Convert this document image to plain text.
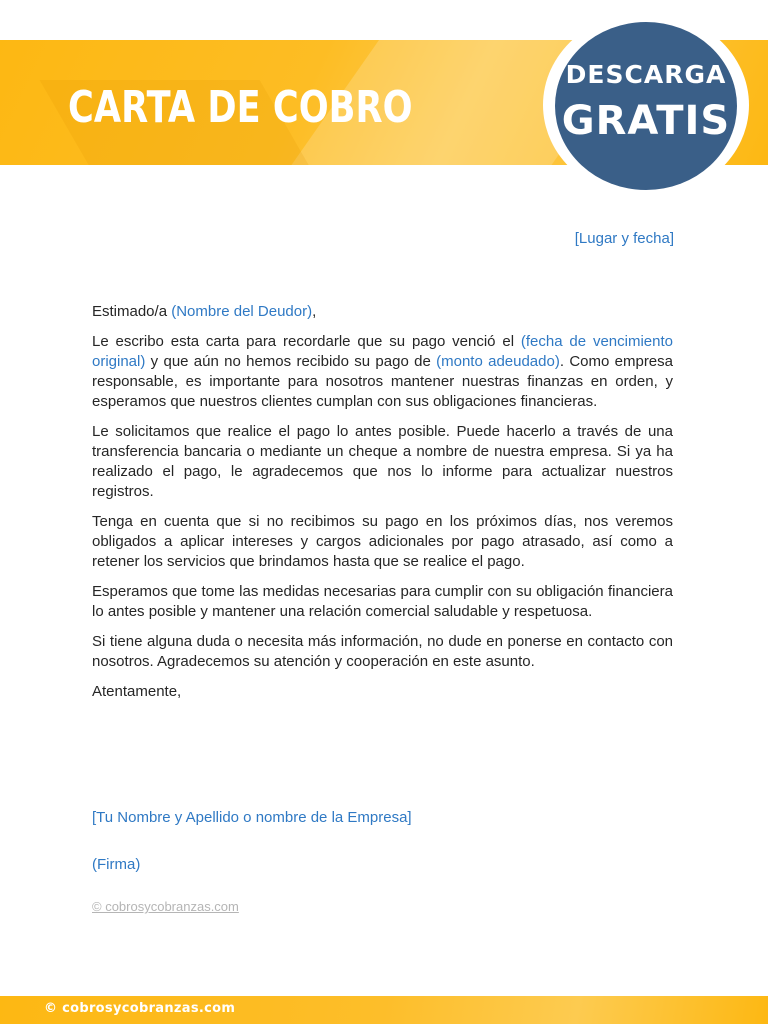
CARTA DE COBRO
DESCARGA
GRATIS
[Lugar y fecha]

Estimado/a (Nombre del Deudor),

Le escribo esta carta para recordarle que su pago venció el (fecha de vencimiento original) y que aún no hemos recibido su pago de (monto adeudado). Como empresa responsable, es importante para nosotros mantener nuestras finanzas en orden, y esperamos que nuestros clientes cumplan con sus obligaciones financieras.

Le solicitamos que realice el pago lo antes posible. Puede hacerlo a través de una transferencia bancaria o mediante un cheque a nombre de nuestra empresa. Si ya ha realizado el pago, le agradecemos que nos lo informe para actualizar nuestros registros.

Tenga en cuenta que si no recibimos su pago en los próximos días, nos veremos obligados a aplicar intereses y cargos adicionales por pago atrasado, así como a retener los servicios que brindamos hasta que se realice el pago.

Esperamos que tome las medidas necesarias para cumplir con su obligación financiera lo antes posible y mantener una relación comercial saludable y respetuosa.

Si tiene alguna duda o necesita más información, no dude en ponerse en contacto con nosotros. Agradecemos su atención y cooperación en este asunto.

Atentamente,

[Tu Nombre y Apellido o nombre de la Empresa]
(Firma)
© cobrosycobranzas.com
© cobrosycobranzas.com
